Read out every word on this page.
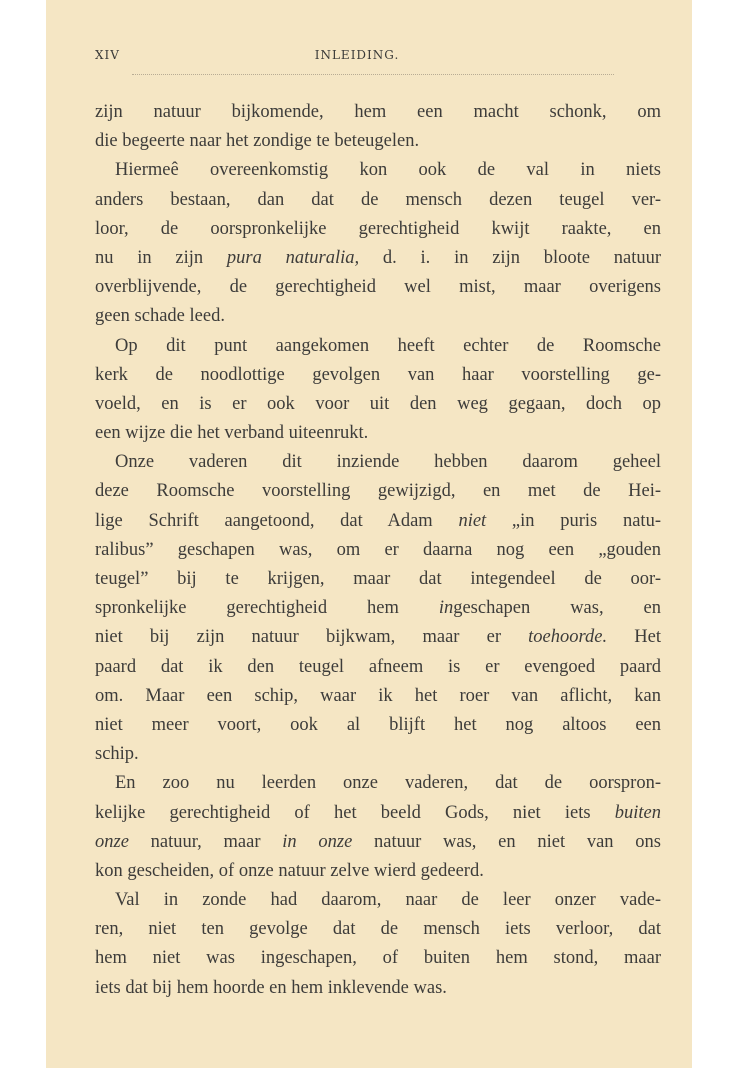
XIV	INLEIDING.
zijn natuur bijkomende, hem een macht schonk, om
die begeerte naar het zondige te beteugelen.
Hiermeê overeenkomstig kon ook de val in niets
anders bestaan, dan dat de mensch dezen teugel ver-
loor, de oorspronkelijke gerechtigheid kwijt raakte, en
nu in zijn pura naturalia, d. i. in zijn bloote natuur
overblijvende, de gerechtigheid wel mist, maar overigens
geen schade leed.
Op dit punt aangekomen heeft echter de Roomsche
kerk de noodlottige gevolgen van haar voorstelling ge-
voeld, en is er ook voor uit den weg gegaan, doch op
een wijze die het verband uiteenrukt.
Onze vaderen dit inziende hebben daarom geheel
deze Roomsche voorstelling gewijzigd, en met de Hei-
lige Schrift aangetoond, dat Adam niet „in puris natu-
ralibus” geschapen was, om er daarna nog een „gouden
teugel” bij te krijgen, maar dat integendeel de oor-
spronkelijke gerechtigheid hem ingeschapen was, en
niet bij zijn natuur bijkwam, maar er toehoorde. Het
paard dat ik den teugel afneem is er evengoed paard
om. Maar een schip, waar ik het roer van aflicht, kan
niet meer voort, ook al blijft het nog altoos een
schip.
En zoo nu leerden onze vaderen, dat de oorspron-
kelijke gerechtigheid of het beeld Gods, niet iets buiten
onze natuur, maar in onze natuur was, en niet van ons
kon gescheiden, of onze natuur zelve wierd gedeerd.
Val in zonde had daarom, naar de leer onzer vade-
ren, niet ten gevolge dat de mensch iets verloor, dat
hem niet was ingeschapen, of buiten hem stond, maar
iets dat bij hem hoorde en hem inklevende was.
